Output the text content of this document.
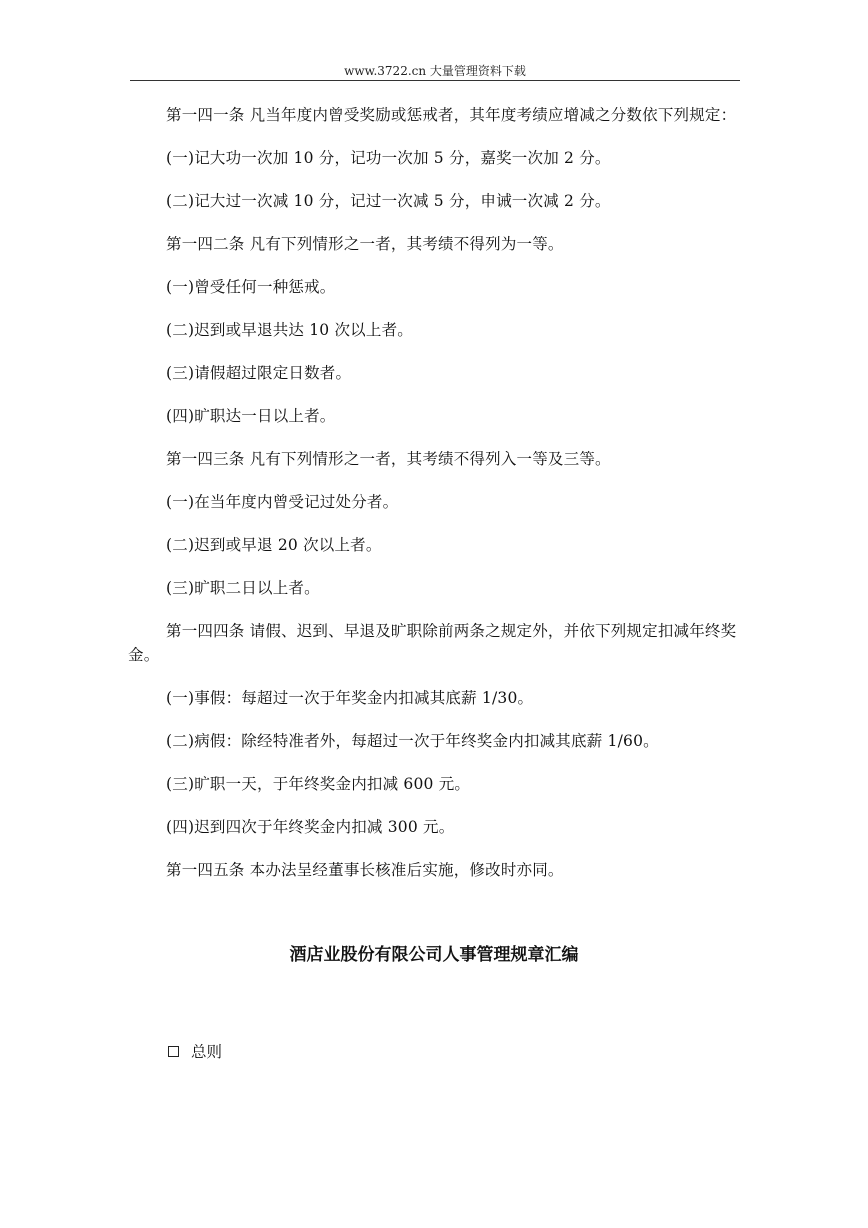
www.3722.cn 大量管理资料下载

第一四一条 凡当年度内曾受奖励或惩戒者，其年度考绩应增减之分数依下列规定：

(一)记大功一次加 10 分，记功一次加 5 分，嘉奖一次加 2 分。

(二)记大过一次减 10 分，记过一次减 5 分，申诫一次减 2 分。

第一四二条 凡有下列情形之一者，其考绩不得列为一等。

(一)曾受任何一种惩戒。

(二)迟到或早退共达 10 次以上者。

(三)请假超过限定日数者。

(四)旷职达一日以上者。

第一四三条 凡有下列情形之一者，其考绩不得列入一等及三等。

(一)在当年度内曾受记过处分者。

(二)迟到或早退 20 次以上者。

(三)旷职二日以上者。

第一四四条 请假、迟到、早退及旷职除前两条之规定外，并依下列规定扣减年终奖金。

(一)事假：每超过一次于年奖金内扣减其底薪 1/30。

(二)病假：除经特准者外，每超过一次于年终奖金内扣减其底薪 1/60。

(三)旷职一天，于年终奖金内扣减 600 元。

(四)迟到四次于年终奖金内扣减 300 元。

第一四五条 本办法呈经董事长核准后实施，修改时亦同。

酒店业股份有限公司人事管理规章汇编
总则
